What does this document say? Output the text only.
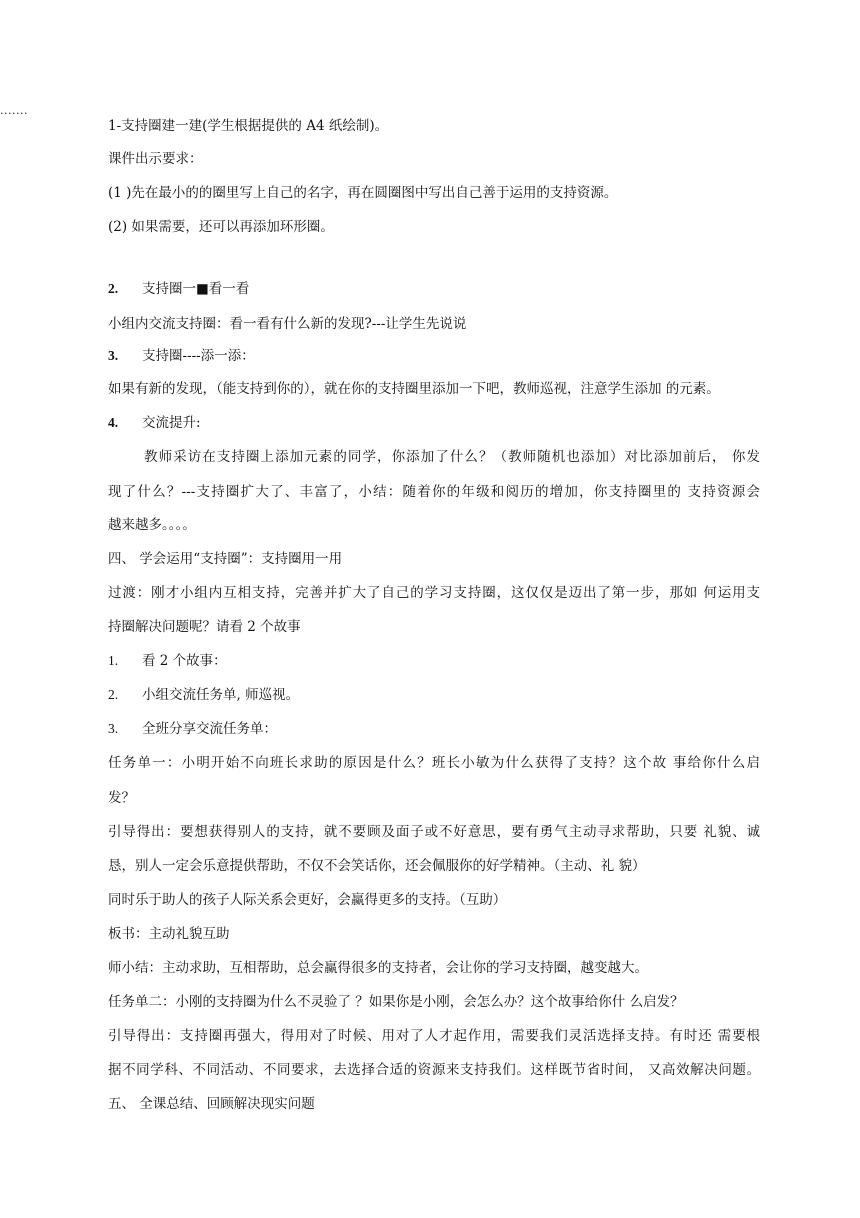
.......
1-支持圈建一建(学生根据提供的 A4 纸绘制)。
课件出示要求：
(1 )先在最小的的圈里写上自己的名字，再在圆圈图中写出自己善于运用的支持资源。
(2) 如果需要，还可以再添加环形圈。
2. 支持圈一■看一看
小组内交流支持圈：看一看有什么新的发现?---让学生先说说
3. 支持圈----添一添：
如果有新的发现，（能支持到你的），就在你的支持圈里添加一下吧，教师巡视，注意学生添加 的元素。
4. 交流提升:
教师采访在支持圈上添加元素的同学，你添加了什么？（教师随机也添加）对比添加前后， 你发
现了什么？---支持圈扩大了、丰富了，小结：随着你的年级和阅历的增加，你支持圈里的 支持资源会
越来越多。。。。
四、 学会运用“支持圈”：支持圈用一用
过渡：刚才小组内互相支持，完善并扩大了自己的学习支持圈，这仅仅是迈出了第一步，那如 何运用支
持圈解决问题呢？请看 2 个故事
1. 看 2 个故事：
2. 小组交流任务单, 师巡视。
3. 全班分享交流任务单：
任务单一：小明开始不向班长求助的原因是什么？班长小敏为什么获得了支持？这个故 事给你什么启
发？
引导得出：要想获得别人的支持，就不要顾及面子或不好意思，要有勇气主动寻求帮助，只要 礼貌、诚
恳，别人一定会乐意提供帮助，不仅不会笑话你，还会佩服你的好学精神。（主动、礼 貌）
同时乐于助人的孩子人际关系会更好，会赢得更多的支持。（互助）
板书：主动礼貌互助
师小结：主动求助，互相帮助，总会赢得很多的支持者，会让你的学习支持圈，越变越大。
任务单二：小刚的支持圈为什么不灵验了 ？如果你是小刚，会怎么办？这个故事给你什 么启发？
引导得出：支持圈再强大，得用对了时候、用对了人才起作用，需要我们灵活选择支持。有时还 需要根
据不同学科、不同活动、不同要求，去选择合适的资源来支持我们。这样既节省时间， 又高效解决问题。
五、 全课总结、回顾解决现实问题
